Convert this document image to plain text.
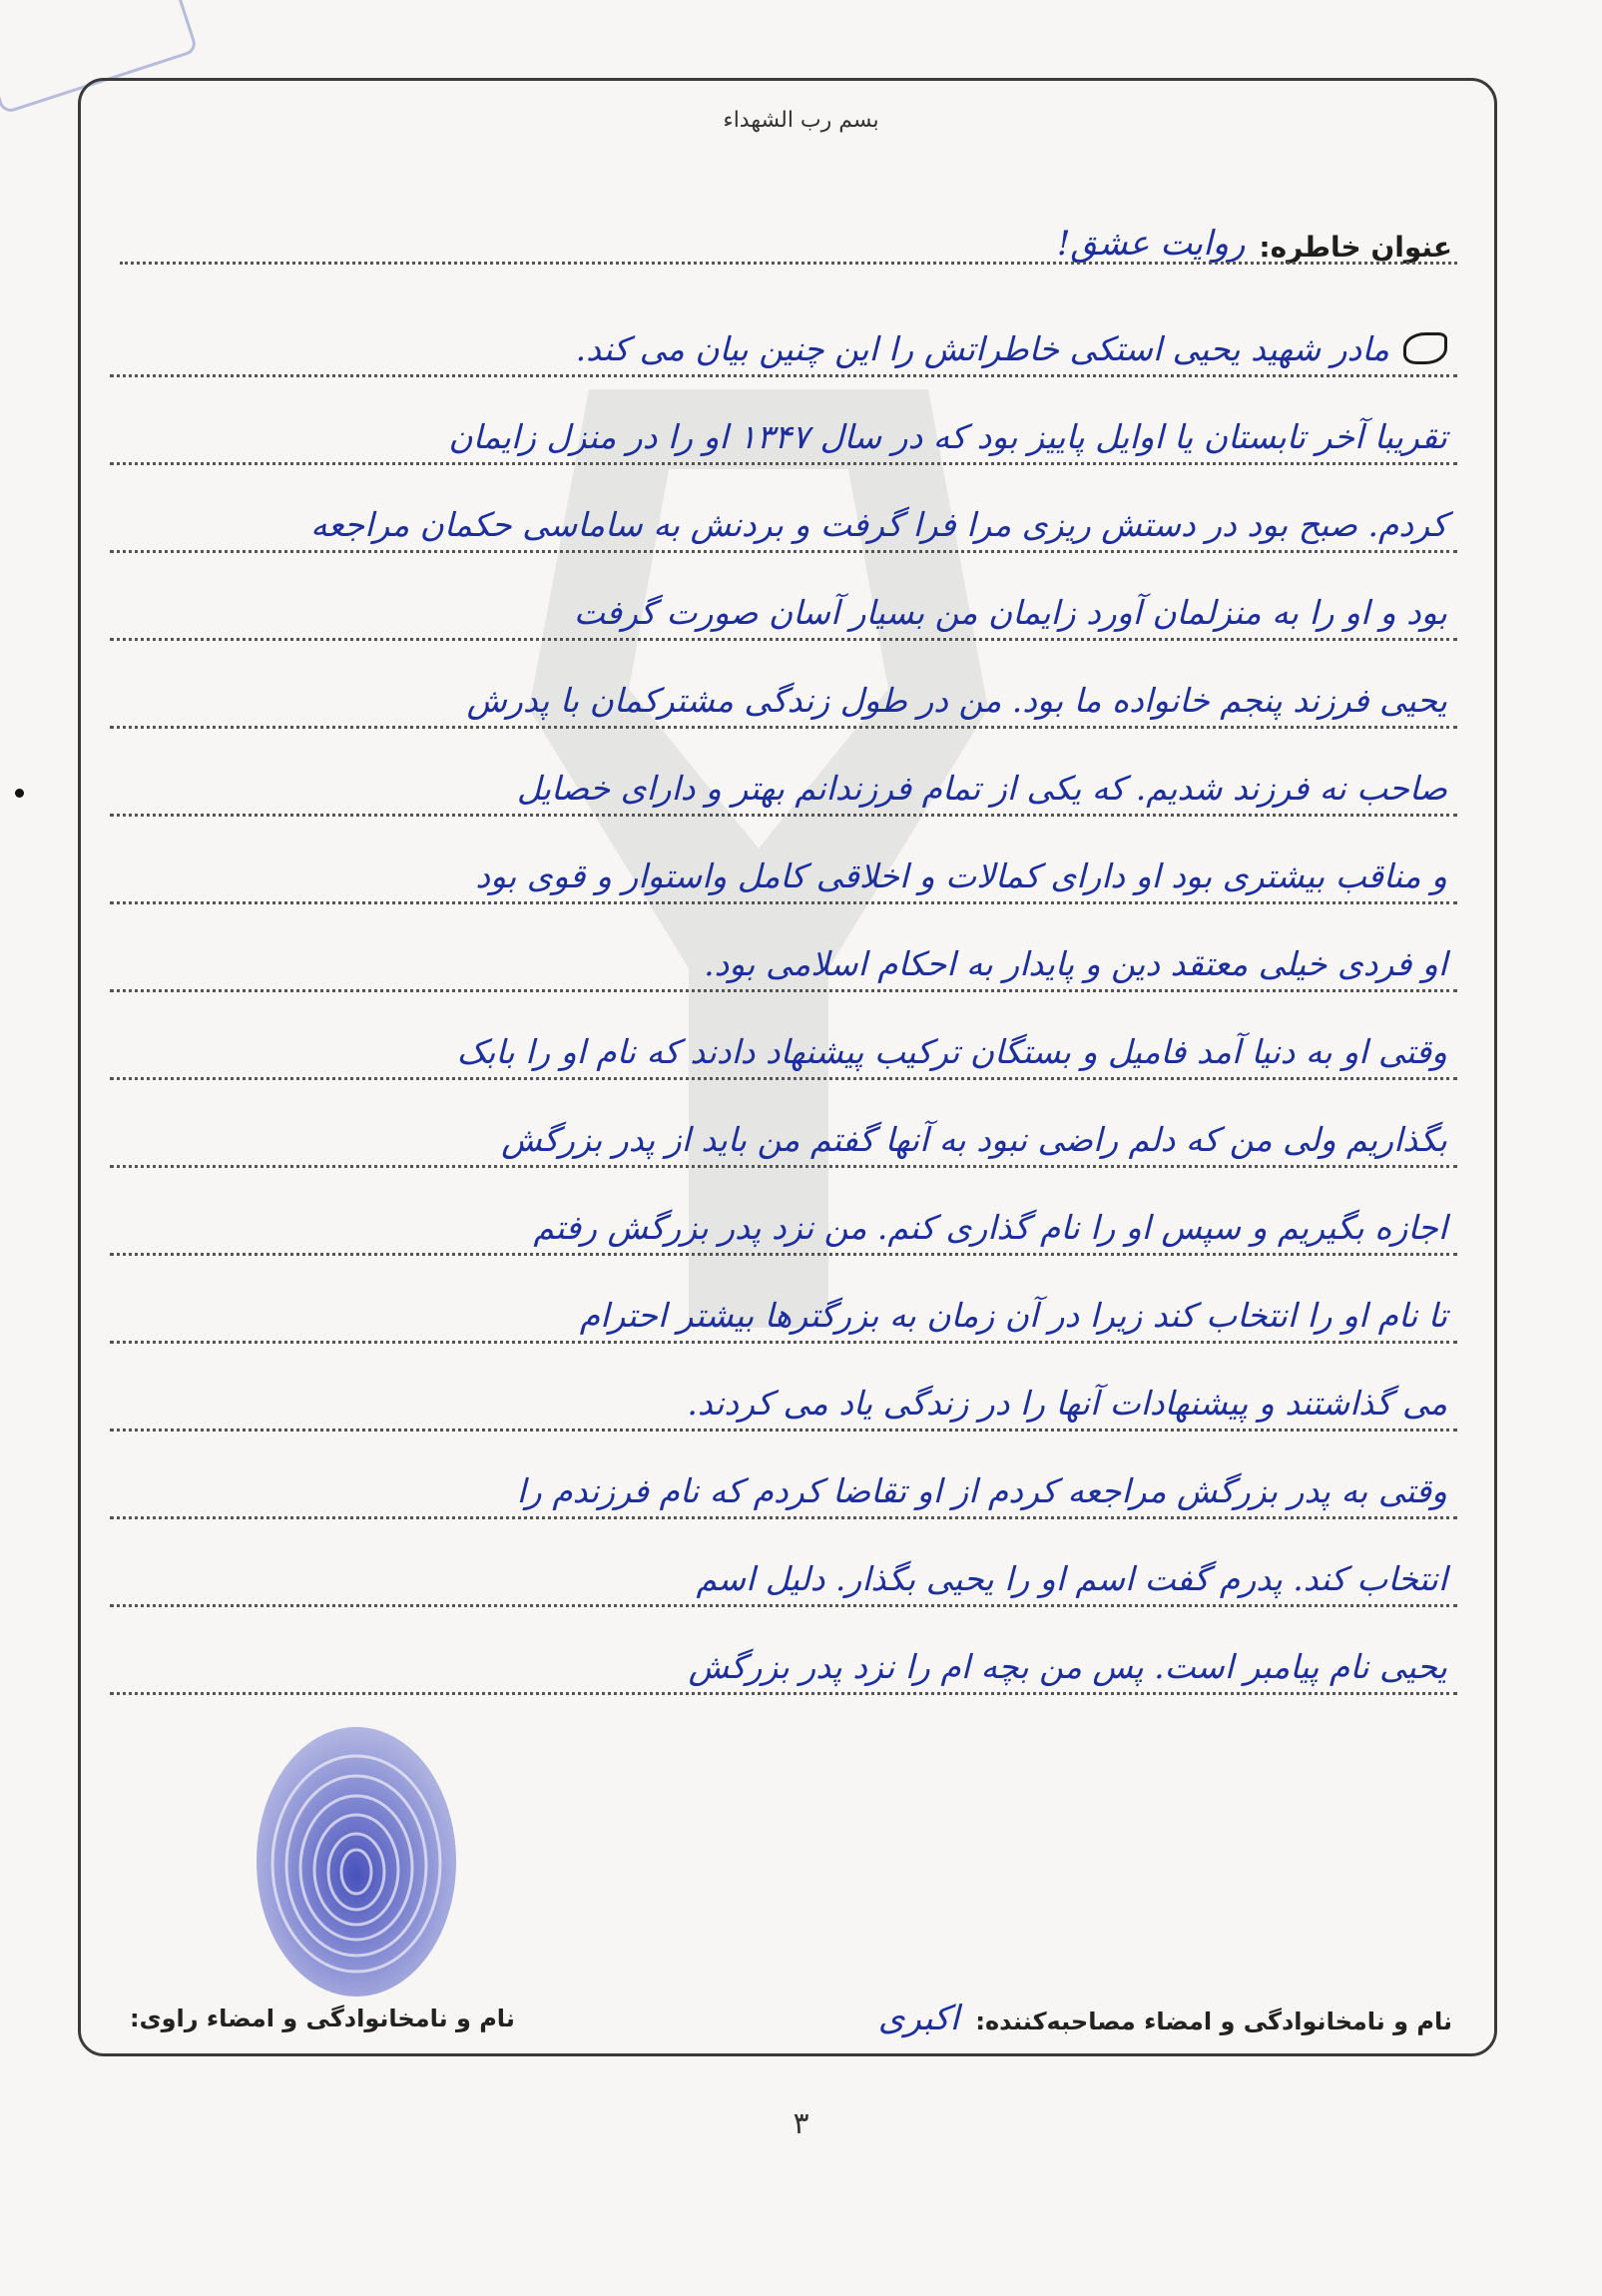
بسم رب الشهداء
عنوان خاطره:
روایت عشق!
مادر شهید یحیی استکی خاطراتش را این چنین بیان می کند.
تقریبا آخر تابستان یا اوایل پاییز بود که در سال ۱۳۴۷ او را در منزل زایمان
کردم. صبح بود در دستش ریزی مرا فرا گرفت و بردنش به ساماسی حکمان مراجعه
بود و او را به منزلمان آورد زایمان من بسیار آسان صورت گرفت
یحیی فرزند پنجم خانواده ما بود. من در طول زندگی مشترکمان با پدرش
صاحب نه فرزند شدیم. که یکی از تمام فرزندانم بهتر و دارای خصایل
و مناقب بیشتری بود او دارای کمالات و اخلاقی کامل واستوار و قوی بود
او فردی خیلی معتقد دین و پایدار به احکام اسلامی بود.
وقتی او به دنیا آمد فامیل و بستگان ترکیب پیشنهاد دادند که نام او را بابک
بگذاریم ولی من که دلم راضی نبود به آنها گفتم من باید از پدر بزرگش
اجازه بگیریم و سپس او را نام گذاری کنم. من نزد پدر بزرگش رفتم
تا نام او را انتخاب کند زیرا در آن زمان به بزرگترها بیشتر احترام
می گذاشتند و پیشنهادات آنها را در زندگی یاد می کردند.
وقتی به پدر بزرگش مراجعه کردم از او تقاضا کردم که نام فرزندم را
انتخاب کند. پدرم گفت اسم او را یحیی بگذار. دلیل اسم
یحیی نام پیامبر است. پس من بچه ام را نزد پدر بزرگش
نام و نامخانوادگی و امضاء مصاحبه‌کننده: اکبری
نام و نامخانوادگی و امضاء راوی:
۳
